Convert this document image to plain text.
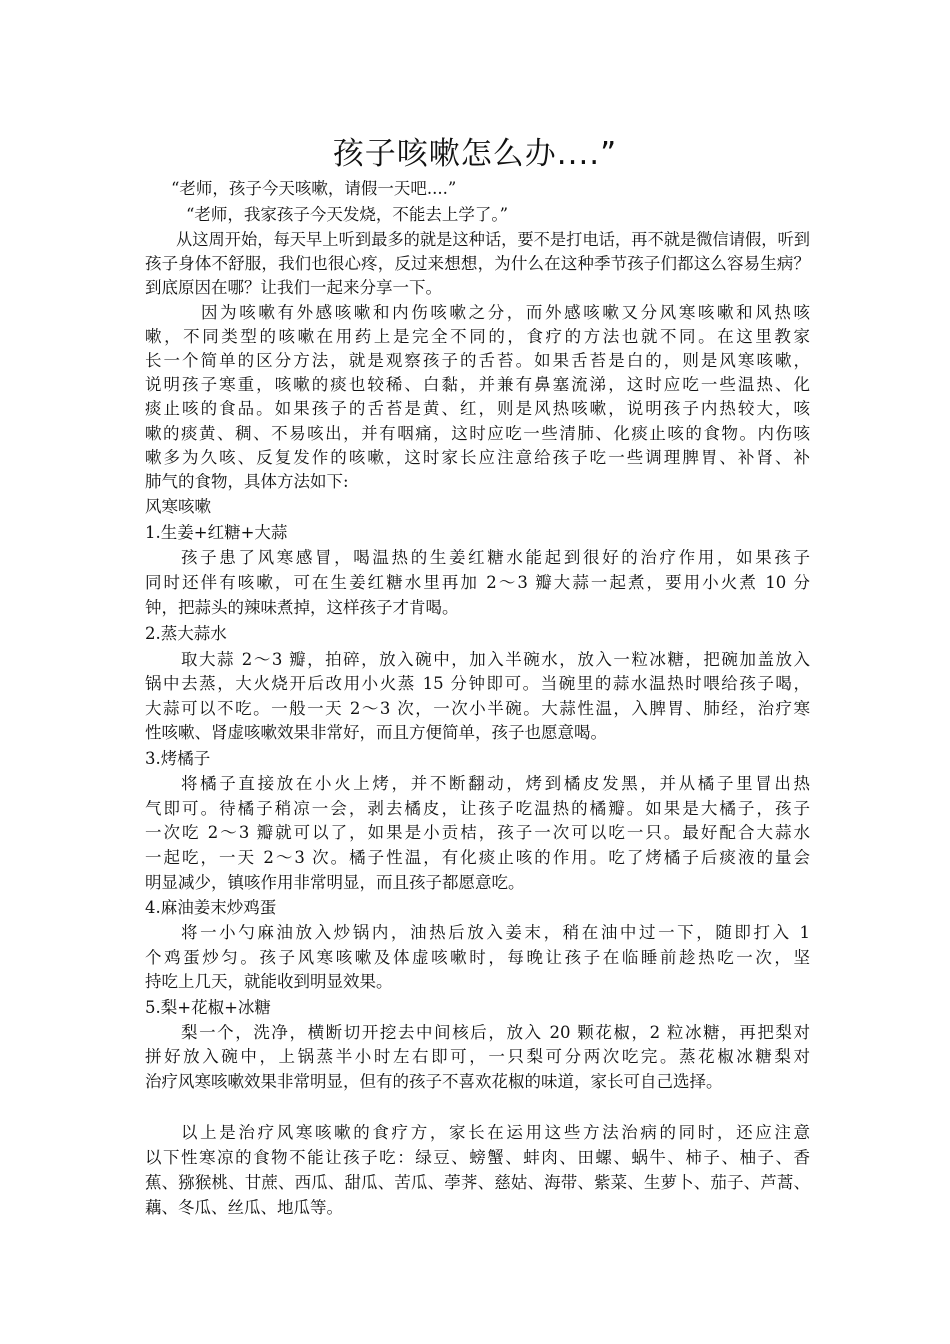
孩子咳嗽怎么办....”
“老师，孩子今天咳嗽，请假一天吧....”
“老师，我家孩子今天发烧，不能去上学了。”
从这周开始，每天早上听到最多的就是这种话，要不是打电话，再不就是微信请假，听到
孩子身体不舒服，我们也很心疼，反过来想想，为什么在这种季节孩子们都这么容易生病？
到底原因在哪？让我们一起来分享一下。
因为咳嗽有外感咳嗽和内伤咳嗽之分，而外感咳嗽又分风寒咳嗽和风热咳
嗽，不同类型的咳嗽在用药上是完全不同的，食疗的方法也就不同。在这里教家
长一个简单的区分方法，就是观察孩子的舌苔。如果舌苔是白的，则是风寒咳嗽，
说明孩子寒重，咳嗽的痰也较稀、白黏，并兼有鼻塞流涕，这时应吃一些温热、化
痰止咳的食品。如果孩子的舌苔是黄、红，则是风热咳嗽，说明孩子内热较大，咳
嗽的痰黄、稠、不易咳出，并有咽痛，这时应吃一些清肺、化痰止咳的食物。内伤咳
嗽多为久咳、反复发作的咳嗽，这时家长应注意给孩子吃一些调理脾胃、补肾、补
肺气的食物，具体方法如下:
风寒咳嗽
1.生姜+红糖+大蒜
孩子患了风寒感冒，喝温热的生姜红糖水能起到很好的治疗作用，如果孩子
同时还伴有咳嗽，可在生姜红糖水里再加 2～3 瓣大蒜一起煮，要用小火煮 10 分
钟，把蒜头的辣味煮掉，这样孩子才肯喝。
2.蒸大蒜水
取大蒜 2～3 瓣，拍碎，放入碗中，加入半碗水，放入一粒冰糖，把碗加盖放入
锅中去蒸，大火烧开后改用小火蒸 15 分钟即可。当碗里的蒜水温热时喂给孩子喝，
大蒜可以不吃。一般一天 2～3 次，一次小半碗。大蒜性温，入脾胃、肺经，治疗寒
性咳嗽、肾虚咳嗽效果非常好，而且方便简单，孩子也愿意喝。
3.烤橘子
将橘子直接放在小火上烤，并不断翻动，烤到橘皮发黑，并从橘子里冒出热
气即可。待橘子稍凉一会，剥去橘皮，让孩子吃温热的橘瓣。如果是大橘子，孩子
一次吃 2～3 瓣就可以了，如果是小贡桔，孩子一次可以吃一只。最好配合大蒜水
一起吃，一天 2～3 次。橘子性温，有化痰止咳的作用。吃了烤橘子后痰液的量会
明显减少，镇咳作用非常明显，而且孩子都愿意吃。
4.麻油姜末炒鸡蛋
将一小勺麻油放入炒锅内，油热后放入姜末，稍在油中过一下，随即打入 1
个鸡蛋炒匀。孩子风寒咳嗽及体虚咳嗽时，每晚让孩子在临睡前趁热吃一次，坚
持吃上几天，就能收到明显效果。
5.梨+花椒+冰糖
梨一个，洗净，横断切开挖去中间核后，放入 20 颗花椒，2 粒冰糖，再把梨对
拼好放入碗中，上锅蒸半小时左右即可，一只梨可分两次吃完。蒸花椒冰糖梨对
治疗风寒咳嗽效果非常明显，但有的孩子不喜欢花椒的味道，家长可自己选择。
以上是治疗风寒咳嗽的食疗方，家长在运用这些方法治病的同时，还应注意
以下性寒凉的食物不能让孩子吃：绿豆、螃蟹、蚌肉、田螺、蜗牛、柿子、柚子、香
蕉、猕猴桃、甘蔗、西瓜、甜瓜、苦瓜、荸荠、慈姑、海带、紫菜、生萝卜、茄子、芦蒿、
藕、冬瓜、丝瓜、地瓜等。
